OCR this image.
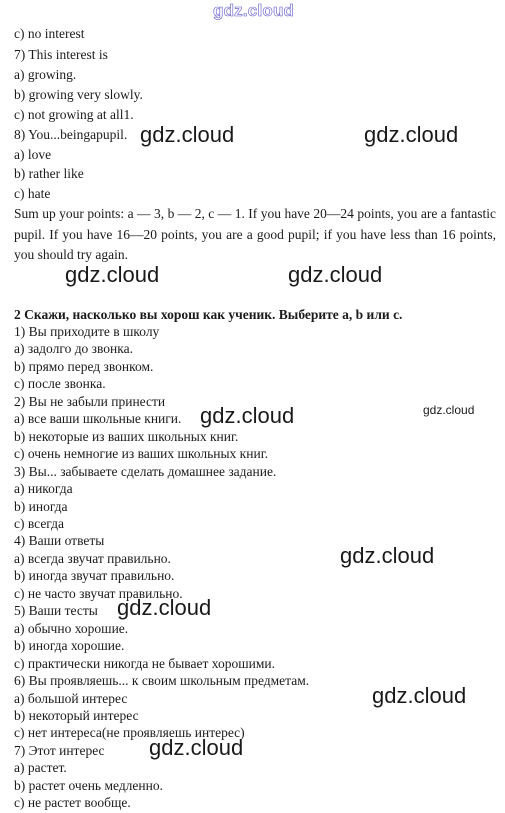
gdz.cloud
c) no interest
7) This interest is
a) growing.
b) growing very slowly.
c) not growing at all1.
8) You...beingapupil.
a) love
b) rather like
c) hate
Sum up your points: a — 3, b — 2, c — 1. If you have 20—24 points, you are a fantastic pupil. If you have 16—20 points, you are a good pupil; if you have less than 16 points, you should try again.
2 Скажи, насколько вы хорош как ученик. Выберите a, b или c.
1) Вы приходите в школу
a) задолго до звонка.
b) прямо перед звонком.
c) после звонка.
2) Вы не забыли принести
a) все ваши школьные книги.
b) некоторые из ваших школьных книг.
c) очень немногие из ваших школьных книг.
3) Вы... забываете сделать домашнее задание.
a) никогда
b) иногда
c) всегда
4) Ваши ответы
a) всегда звучат правильно.
b) иногда звучат правильно.
c) не часто звучат правильно.
5) Ваши тесты
a) обычно хорошие.
b) иногда хорошие.
c) практически никогда не бывает хорошими.
6) Вы проявляешь... к своим школьным предметам.
a) большой интерес
b) некоторый интерес
c) нет интереса(не проявляешь интерес)
7) Этот интерес
a) растет.
b) растет очень медленно.
c) не растет вообще.
gdz.cloud	gdz.cloud
gdz.cloud	gdz.cloud
gdz.cloud	gdz.cloud
gdz.cloud
gdz.cloud
gdz.cloud
gdz.cloud
